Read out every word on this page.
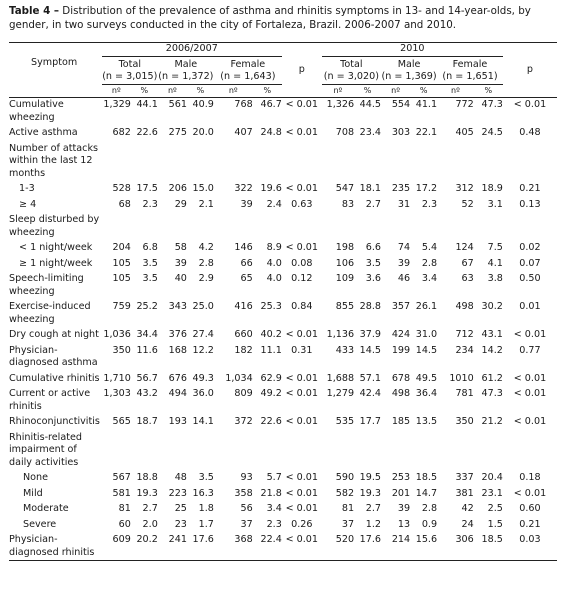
Table 4 – Distribution of the prevalence of asthma and rhinitis symptoms in 13- and 14-year-olds, by gender, in two surveys conducted in the city of Fortaleza, Brazil. 2006-2007 and 2010.
Symptom	2006/2007							2010						
	Total		Male		Female		p	Total		Male		Female		p
	(n = 3,015)		(n = 1,372)		(n = 1,643)			(n = 3,020)		(n = 1,369)		(n = 1,651)		
	nº	%	nº	%	nº	%		nº	%	nº	%	nº	%	
Cumulative wheezing	1,329	44.1	561	40.9	768	46.7	< 0.01	1,326	44.5	554	41.1	772	47.3	< 0.01
Active asthma	682	22.6	275	20.0	407	24.8	< 0.01	708	23.4	303	22.1	405	24.5	0.48
Number of attacks within the last 12 months														
1-3	528	17.5	206	15.0	322	19.6	< 0.01	547	18.1	235	17.2	312	18.9	0.21
≥ 4	68	2.3	29	2.1	39	2.4	0.63	83	2.7	31	2.3	52	3.1	0.13
Sleep disturbed by wheezing														
< 1 night/week	204	6.8	58	4.2	146	8.9	< 0.01	198	6.6	74	5.4	124	7.5	0.02
≥ 1 night/week	105	3.5	39	2.8	66	4.0	0.08	106	3.5	39	2.8	67	4.1	0.07
Speech-limiting wheezing	105	3.5	40	2.9	65	4.0	0.12	109	3.6	46	3.4	63	3.8	0.50
Exercise-induced wheezing	759	25.2	343	25.0	416	25.3	0.84	855	28.8	357	26.1	498	30.2	0.01
Dry cough at night	1,036	34.4	376	27.4	660	40.2	< 0.01	1,136	37.9	424	31.0	712	43.1	< 0.01
Physician-diagnosed asthma	350	11.6	168	12.2	182	11.1	0.31	433	14.5	199	14.5	234	14.2	0.77
Cumulative rhinitis	1,710	56.7	676	49.3	1,034	62.9	< 0.01	1,688	57.1	678	49.5	1010	61.2	< 0.01
Current or active rhinitis	1,303	43.2	494	36.0	809	49.2	< 0.01	1,279	42.4	498	36.4	781	47.3	< 0.01
Rhinoconjunctivitis	565	18.7	193	14.1	372	22.6	< 0.01	535	17.7	185	13.5	350	21.2	< 0.01
Rhinitis-related impairment of daily activities														
None	567	18.8	48	3.5	93	5.7	< 0.01	590	19.5	253	18.5	337	20.4	0.18
Mild	581	19.3	223	16.3	358	21.8	< 0.01	582	19.3	201	14.7	381	23.1	< 0.01
Moderate	81	2.7	25	1.8	56	3.4	< 0.01	81	2.7	39	2.8	42	2.5	0.60
Severe	60	2.0	23	1.7	37	2.3	0.26	37	1.2	13	0.9	24	1.5	0.21
Physician-diagnosed rhinitis	609	20.2	241	17.6	368	22.4	< 0.01	520	17.6	214	15.6	306	18.5	0.03
